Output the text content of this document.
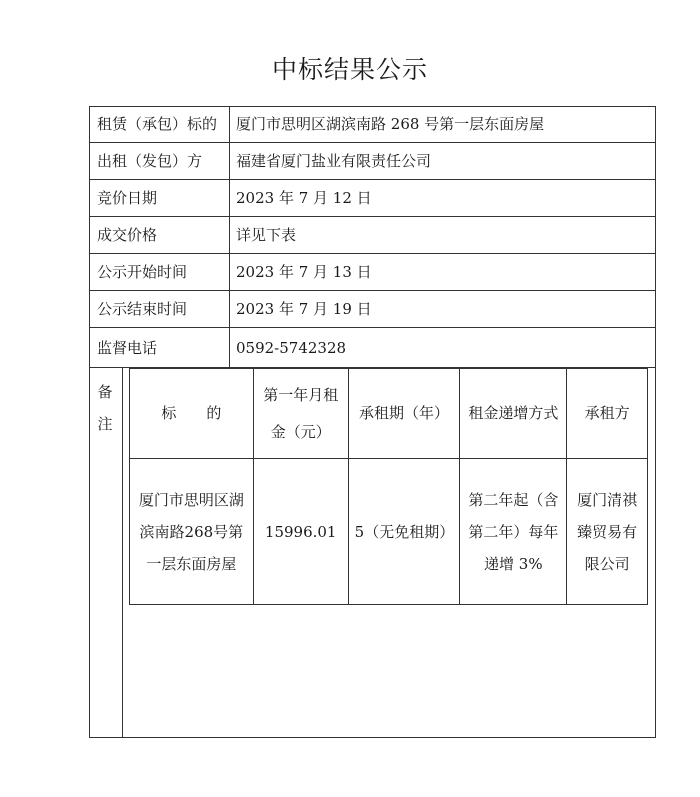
中标结果公示
租赁（承包）标的 厦门市思明区湖滨南路 268 号第一层东面房屋
出租（发包）方 福建省厦门盐业有限责任公司
竞价日期	2023 年 7 月 12 日
成交价格	详见下表
公示开始时间	2023 年 7 月 13 日
公示结束时间	2023 年 7 月 19 日
监督电话	0592-5742328
备
注
标　　的	第一年月租金（元）	承租期（年）	租金递增方式	承租方
厦门市思明区湖滨南路268号第一层东面房屋	15996.01	5（无免租期）	第二年起（含第二年）每年递增 3%	厦门清祺臻贸易有限公司
